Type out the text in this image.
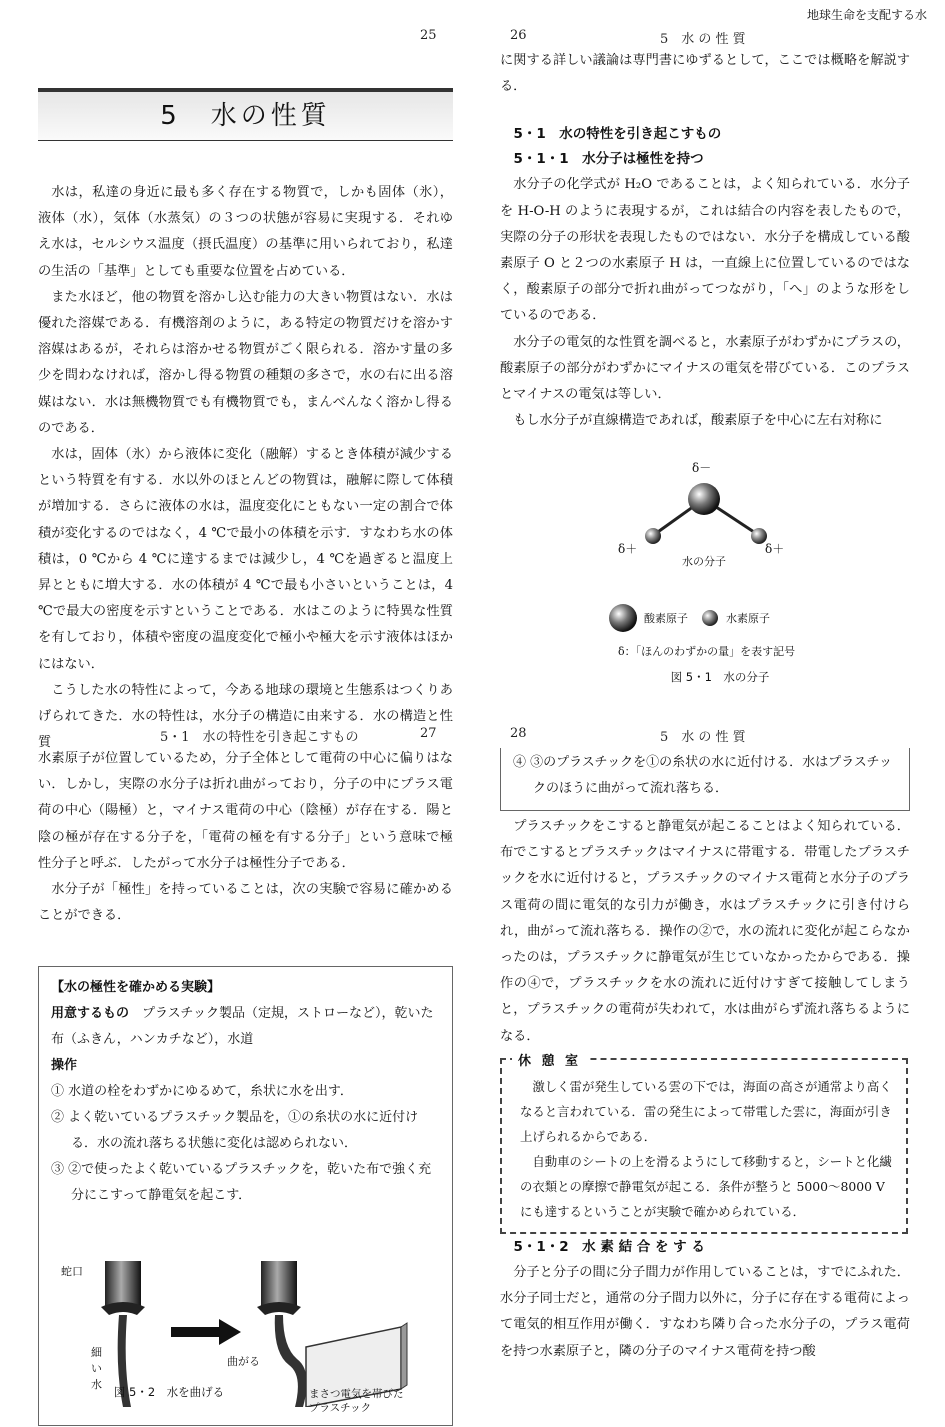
地球生命を支配する水
25
5　水の性質

水は，私達の身近に最も多く存在する物質で，しかも固体（氷），液体（水），気体（水蒸気）の３つの状態が容易に実現する．それゆえ水は，セルシウス温度（摂氏温度）の基準に用いられており，私達の生活の「基準」としても重要な位置を占めている．

また水ほど，他の物質を溶かし込む能力の大きい物質はない．水は優れた溶媒である．有機溶剤のように，ある特定の物質だけを溶かす溶媒はあるが，それらは溶かせる物質がごく限られる．溶かす量の多少を問わなければ，溶かし得る物質の種類の多さで，水の右に出る溶媒はない．水は無機物質でも有機物質でも，まんべんなく溶かし得るのである．

水は，固体（氷）から液体に変化（融解）するとき体積が減少するという特質を有する．水以外のほとんどの物質は，融解に際して体積が増加する．さらに液体の水は，温度変化にともない一定の割合で体積が変化するのではなく，4 ℃で最小の体積を示す．すなわち水の体積は，0 ℃から 4 ℃に達するまでは減少し，4 ℃を過ぎると温度上昇とともに増大する．水の体積が 4 ℃で最も小さいということは，4 ℃で最大の密度を示すということである．水はこのように特異な性質を有しており，体積や密度の温度変化で極小や極大を示す液体はほかにはない．

こうした水の特性によって，今ある地球の環境と生態系はつくりあげられてきた．水の特性は，水分子の構造に由来する．水の構造と性質

26	5　水 の 性 質

に関する詳しい議論は専門書にゆずるとして，ここでは概略を解説する．

5・1　水の特性を引き起こすもの

5・1・1　水分子は極性を持つ

水分子の化学式が H₂O であることは，よく知られている．水分子を H-O-H のように表現するが，これは結合の内容を表したもので，実際の分子の形状を表現したものではない．水分子を構成している酸素原子 O と２つの水素原子 H は，一直線上に位置しているのではなく，酸素原子の部分で折れ曲がってつながり，「へ」のような形をしているのである．

水分子の電気的な性質を調べると，水素原子がわずかにプラスの，酸素原子の部分がわずかにマイナスの電気を帯びている．このプラスとマイナスの電気は等しい．

もし水分子が直線構造であれば，酸素原子を中心に左右対称に

δ－
δ＋	δ＋
水の分子
酸素原子	水素原子
δ：「ほんのわずかの量」を表す記号
図 5・1　水の分子
5・1　水の特性を引き起こすもの	27

水素原子が位置しているため，分子全体として電荷の中心に偏りはない．しかし，実際の水分子は折れ曲がっており，分子の中にプラス電荷の中心（陽極）と，マイナス電荷の中心（陰極）が存在する．陽と陰の極が存在する分子を，「電荷の極を有する分子」という意味で極性分子と呼ぶ．したがって水分子は極性分子である．

水分子が「極性」を持っていることは，次の実験で容易に確かめることができる．

【水の極性を確かめる実験】
用意するもの　 プラスチック製品（定規，ストローなど），乾いた布（ふきん，ハンカチなど），水道
操作
① 水道の栓をわずかにゆるめて，糸状に水を出す．
② よく乾いているプラスチック製品を，①の糸状の水に近付ける．水の流れ落ちる状態に変化は認められない．
③ ②で使ったよく乾いているプラスチックを，乾いた布で強く充分にこすって静電気を起こす．
蛇口
細い水
曲がる
まさつ電気を帯びた
プラスチック
図 5・2　水を曲げる
28	5　水 の 性 質
④ ③のプラスチックを①の糸状の水に近付ける．水はプラスチックのほうに曲がって流れ落ちる．

プラスチックをこすると静電気が起こることはよく知られている．布でこするとプラスチックはマイナスに帯電する．帯電したプラスチックを水に近付けると，プラスチックのマイナス電荷と水分子のプラス電荷の間に電気的な引力が働き，水はプラスチックに引き付けられ，曲がって流れ落ちる．操作の②で，水の流れに変化が起こらなかったのは，プラスチックに静電気が生じていなかったからである．操作の④で，プラスチックを水の流れに近付けすぎて接触してしまうと，プラスチックの電荷が失われて，水は曲がらず流れ落ちるようになる．

休 憩 室

激しく雷が発生している雲の下では，海面の高さが通常より高くなると言われている．雷の発生によって帯電した雲に，海面が引き上げられるからである．

自動車のシートの上を滑るようにして移動すると，シートと化繊の衣類との摩擦で静電気が起こる．条件が整うと 5000〜8000 V にも達するということが実験で確かめられている．

5・1・2　水 素 結 合 を す る

分子と分子の間に分子間力が作用していることは，すでにふれた．水分子同士だと，通常の分子間力以外に，分子に存在する電荷によって電気的相互作用が働く．すなわち隣り合った水分子の，プラス電荷を持つ水素原子と，隣の分子のマイナス電荷を持つ酸
